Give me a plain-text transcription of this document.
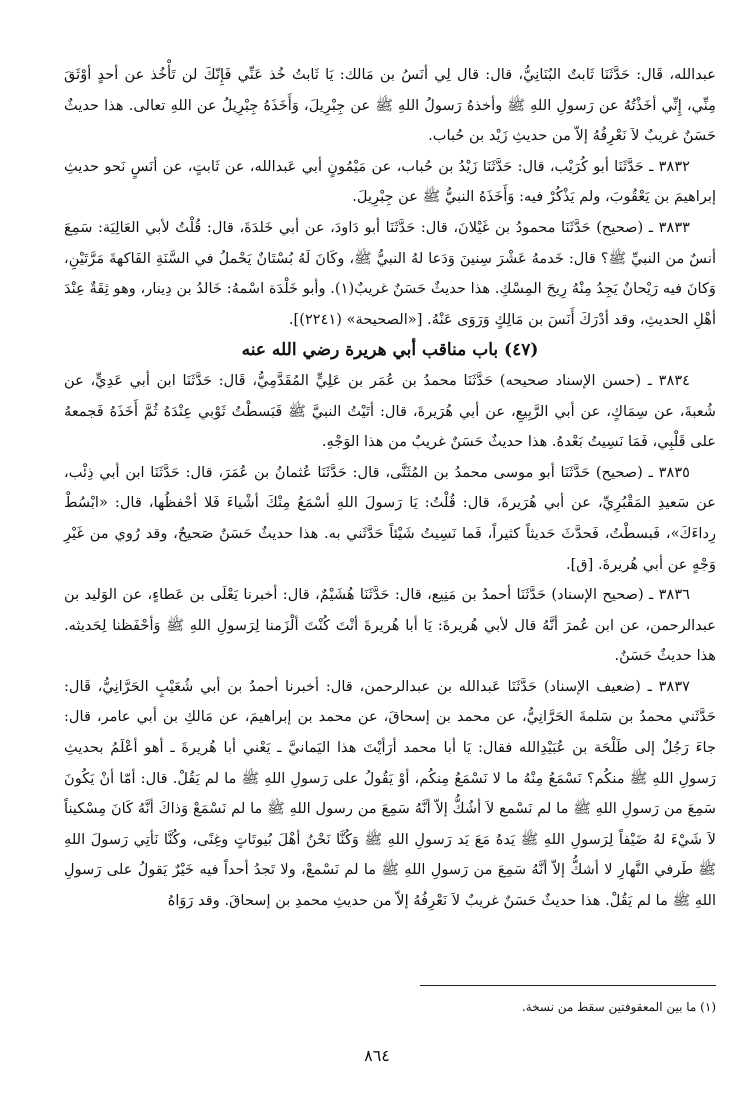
عبدالله، قَال: حَدَّثَنَا ثَابتٌ البُنَانِيُّ، قال: قال لِي أنَسُ بن مَالك: يَا ثَابتُ خُذ عَنِّي فَإِنّكَ لن تَأْخُذ عن أحدٍ أوْثَقَ مِنِّي، إِنِّي أخَذْتُهُ عن رَسولِ اللهِ ﷺ وأخذهُ رَسولُ اللهِ ﷺ عن جِبْرِيلَ، وَأَخَذَهُ جِبْرِيلُ عن اللهِ تعالى. هذا حديثٌ حَسَنٌ غريبٌ لاَ نَعْرِفُهُ إلاّ من حديثِ زَيْد بن حُباب.

٣٨٣٢ ـ حَدَّثَنَا أبو كُرَيْب، قال: حَدَّثَنَا زَيْدُ بن حُباب، عن مَيْمُونٍ أبي عَبدالله، عن ثَابتٍ، عن أنَسٍ نَحو حديثِ إبراهيمَ بن يَعْقُوبَ، ولم يَذْكُرْ فيه: وَأَخَذَهُ النبيُّ ﷺ عن جِبْرِيلَ.

٣٨٣٣ ـ (صحيح) حَدَّثَنَا محمودُ بن غَيْلانَ، قال: حَدَّثَنَا أبو دَاودَ، عن أبي خَلدَةَ، قال: قُلْتُ لأبي العَالِيَة: سَمِعَ أنسٌ من النبيِّ ﷺ؟ قال: خَدمهُ عَشْرَ سِنينَ وَدَعا لهُ النبيُّ ﷺ، وكَانَ لَهُ بُسْتَانٌ يَحْملُ في السَّنَةِ الفَاكهةَ مَرَّتَيْنِ، وَكانَ فيه رَيْحانٌ يَجِدُ مِنْهُ رِيحَ المِسْكِ. هذا حديثٌ حَسَنٌ غريبٌ(١). وأبو خَلْدَة اسْمهُ: خَالدُ بن دِينار، وهو ثِقَةٌ عِنْدَ أهْلِ الحديثِ، وقد أدْرَكَ أَنَسَ بن مَالِكٍ وَرَوَى عَنْهُ. [«الصحيحة» (٢٢٤١)].

(٤٧) باب مناقب أبي هريرة رضي الله عنه

٣٨٣٤ ـ (حسن الإسناد صحيحه) حَدَّثَنَا محمدُ بن عُمَر بن عَلِيٍّ المُقَدَّمِيُّ، قَال: حَدَّثَنَا ابن أبي عَدِيٍّ، عن شُعبةَ، عن سِمَاكٍ، عن أبي الرَّبِيعِ، عن أبي هُرَيرةَ، قال: أتَيْتُ النبيَّ ﷺ فَبَسطْتُ ثَوْبي عِنْدَهُ ثُمَّ أَخَذَهُ فَجمعهُ على قَلْبِي، فَمَا نَسِيتُ بَعْدهُ. هذا حديثٌ حَسَنٌ غريبٌ من هذا الوَجْهِ.

٣٨٣٥ ـ (صحيح) حَدَّثَنَا أبو موسى محمدُ بن المُثَنَّى، قال: حَدَّثَنَا عُثمانُ بن عُمَرَ، قال: حَدَّثَنَا ابن أبي ذِئْب، عن سَعيدِ المَقْبُرِيِّ، عن أبي هُرَيرةَ، قال: قُلْتُ: يَا رَسولَ اللهِ أسْمَعُ مِنْكَ أشْياءَ فَلا أحْفظُها، قال: «ابْسُطْ رِداءَكَ»، فَبسطْتُ، فَحدَّثَ حَديثاً كثيراً، فَما نَسِيتُ شَيْئاً حَدَّثَني به. هذا حديثٌ حَسَنٌ صَحيحٌ، وقد رُوي من غَيْرِ وَجْهٍ عن أبي هُريرةَ. [ق].

٣٨٣٦ ـ (صحيح الإسناد) حَدَّثَنَا أحمدُ بن مَنِيع، قال: حَدَّثَنَا هُشَيْمٌ، قال: أخبرنا يَعْلَى بن عَطاءٍ، عن الوَليد بن عبدالرحمن، عن ابن عُمرَ أنَّهُ قال لأبي هُريرةَ: يَا أبا هُريرةَ أنْتَ كُنْتَ ألْزَمنا لِرَسولِ اللهِ ﷺ وَأحْفَظنا لِحَديثه. هذا حديثٌ حَسَنٌ.

٣٨٣٧ ـ (ضعيف الإسناد) حَدَّثَنَا عَبدالله بن عبدالرحمن، قال: أخبرنا أحمدُ بن أبي شُعَيْبٍ الحَرَّانِيُّ، قَال: حَدَّثَني محمدُ بن سَلمةَ الحَرَّانِيُّ، عن محمد بن إسحاقَ، عن محمد بن إبراهيمَ، عن مَالكِ بن أبي عامر، قال: جاءَ رَجُلٌ إلى طَلْحَة بن عُبَيْدِالله فقال: يَا أبا محمد أرَأيْتَ هذا اليَمانيَّ ـ يَعْني أبا هُريرةَ ـ أهو أعْلَمُ بحديثِ رَسولِ اللهِ ﷺ منكُم؟ نَسْمَعُ مِنْهُ ما لا نَسْمَعُ مِنكُم، أوْ يَقُولُ على رَسولِ اللهِ ﷺ ما لم يَقُلْ. قال: أمّا أنْ يَكُونَ سَمِعَ من رَسولِ اللهِ ﷺ ما لم نَسْمع لاَ أشُكُّ إلاّ أنَّهُ سَمِعَ من رسول اللهِ ﷺ ما لم نَسْمَعْ وَذاكَ أنَّهُ كَانَ مِسْكيناً لاَ شَيْءَ لهُ ضَيْفاً لِرَسولِ اللهِ ﷺ يَدهُ مَعَ يَد رَسولِ اللهِ ﷺ وَكُنَّا نَحْنُ أهْلَ بُيوتَاتٍ وغِنًى، وكُنَّا نَأتِي رَسولَ اللهِ ﷺ طَرفي النَّهارِ لا أشكُّ إلاّ أنَّهُ سَمِعَ من رَسولِ اللهِ ﷺ ما لم نَسْمعْ، ولا تَجدُ أحداً فيه خَيْرٌ يَقولُ على رَسولِ اللهِ ﷺ ما لم يَقُلْ. هذا حديثٌ حَسَنٌ غريبٌ لاَ نَعْرِفُهُ إلاّ من حديثِ محمدِ بن إسحاقَ. وقد رَوَاهُ

(١) ما بين المعقوفتين سقط من نسخة.
٨٦٤
